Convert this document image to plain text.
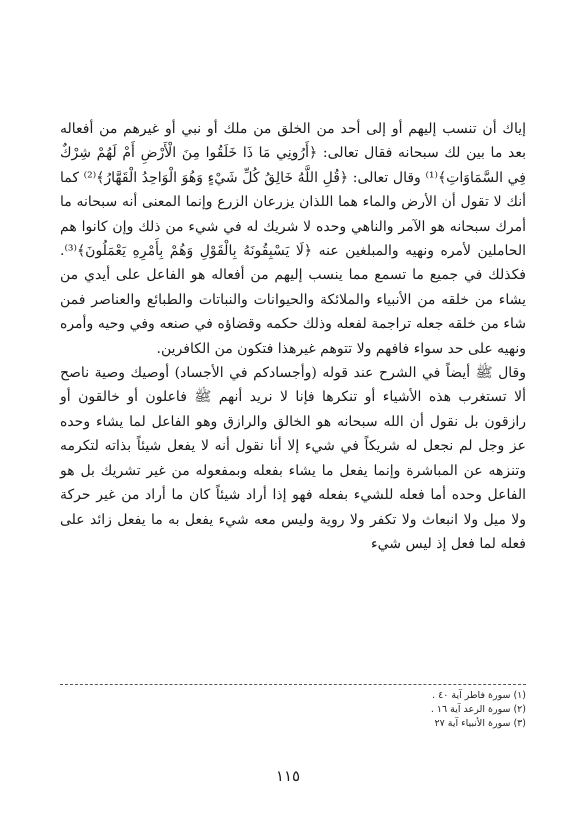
إياك أن تنسب إليهم أو إلى أحد من الخلق من ملك أو نبي أو غيرهم من أفعاله بعد ما بين لك سبحانه فقال تعالى: ﴿أَرُونِي مَا ذَا خَلَقُوا مِنَ الْأَرْضِ أَمْ لَهُمْ شِرْكٌ فِي السَّمَاوَاتِ﴾⁽¹⁾ وقال تعالى: ﴿قُلِ اللَّهُ خَالِقُ كُلِّ شَيْءٍ وَهُوَ الْوَاحِدُ الْقَهَّارُ﴾⁽²⁾ كما أنك لا تقول أن الأرض والماء هما اللذان يزرعان الزرع وإنما المعنى أنه سبحانه ما أمرك سبحانه هو الآمر والناهي وحده لا شريك له في شيء من ذلك وإن كانوا هم الحاملين لأمره ونهيه والمبلغين عنه ﴿لَا يَسْبِقُونَهُ بِالْقَوْلِ وَهُمْ بِأَمْرِهِ يَعْمَلُونَ﴾⁽³⁾. فكذلك في جميع ما تسمع مما ينسب إليهم من أفعاله هو الفاعل على أيدي من يشاء من خلقه من الأنبياء والملائكة والحيوانات والنباتات والطبائع والعناصر فمن شاء من خلقه جعله تراجمة لفعله وذلك حكمه وقضاؤه في صنعه وفي وحيه وأمره ونهيه على حد سواء فافهم ولا تتوهم غيرهذا فتكون من الكافرين.

وقال ﷺ أيضاً في الشرح عند قوله (وأجسادكم في الأجساد) أوصيك وصية ناصح ألا تستغرب هذه الأشياء أو تنكرها فإنا لا نريد أنهم ﷺ فاعلون أو خالقون أو رازقون بل نقول أن الله سبحانه هو الخالق والرازق وهو الفاعل لما يشاء وحده عز وجل لم نجعل له شريكاً في شيء إلا أنا نقول أنه لا يفعل شيئاً بذاته لتكرمه وتنزهه عن المباشرة وإنما يفعل ما يشاء بفعله وبمفعوله من غير تشريك بل هو الفاعل وحده أما فعله للشيء بفعله فهو إذا أراد شيئاً كان ما أراد من غير حركة ولا ميل ولا انبعاث ولا تكفر ولا روية وليس معه شيء يفعل به ما يفعل زائد على فعله لما فعل إذ ليس شيء

(١) سورة فاطر آية ٤٠ .
(٢) سورة الرعد آية ١٦ .
(٣) سورة الأنبياء آية ٢٧
١١٥
